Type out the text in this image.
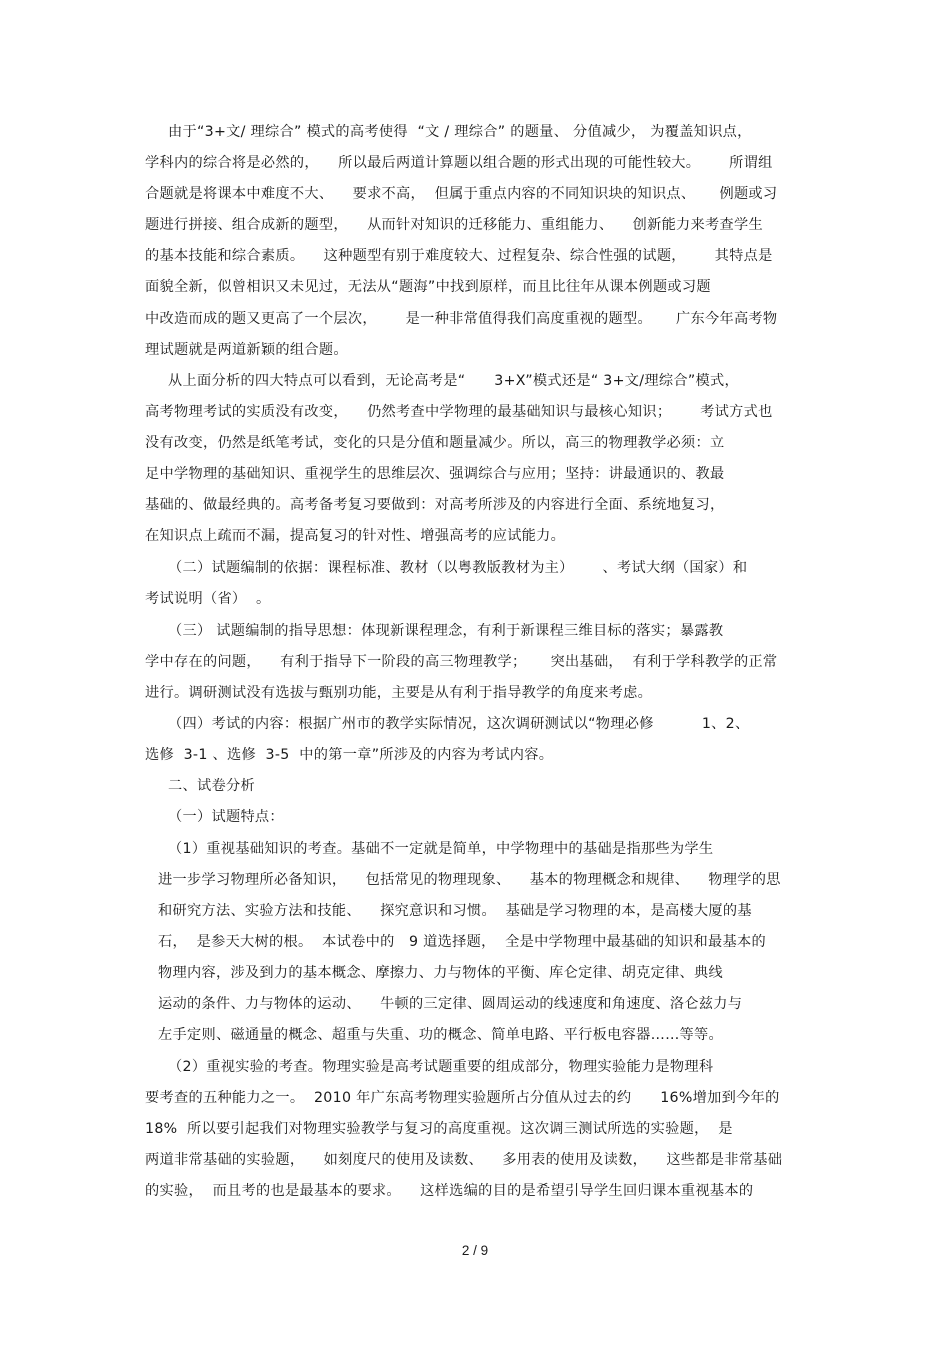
由于“3+文/ 理综合” 模式的高考使得  “文 / 理综合” 的题量、 分值减少， 为覆盖知识点，
学科内的综合将是必然的，    所以最后两道计算题以组合题的形式出现的可能性较大。      所谓组
合题就是将课本中难度不大、    要求不高，  但属于重点内容的不同知识块的知识点、     例题或习
题进行拼接、组合成新的题型，    从而针对知识的迁移能力、重组能力、    创新能力来考查学生
的基本技能和综合素质。    这种题型有别于难度较大、过程复杂、综合性强的试题，      其特点是
面貌全新，似曾相识又未见过，无法从“题海”中找到原样，而且比往年从课本例题或习题
中改造而成的题又更高了一个层次，      是一种非常值得我们高度重视的题型。     广东今年高考物
理试题就是两道新颖的组合题。
从上面分析的四大特点可以看到，无论高考是“      3+X”模式还是“ 3+文/理综合”模式，
高考物理考试的实质没有改变，    仍然考查中学物理的最基础知识与最核心知识；      考试方式也
没有改变，仍然是纸笔考试，变化的只是分值和题量减少。所以，高三的物理教学必须：立
足中学物理的基础知识、重视学生的思维层次、强调综合与应用；坚持：讲最通识的、教最
基础的、做最经典的。高考备考复习要做到：对高考所涉及的内容进行全面、系统地复习，
在知识点上疏而不漏，提高复习的针对性、增强高考的应试能力。
（二）试题编制的依据：课程标准、教材（以粤教版教材为主）      、考试大纲（国家）和
考试说明（省）  。
（三） 试题编制的指导思想：体现新课程理念，有利于新课程三维目标的落实；暴露教
学中存在的问题，    有利于指导下一阶段的高三物理教学；     突出基础，  有利于学科教学的正常
进行。调研测试没有选拔与甄别功能，主要是从有利于指导教学的角度来考虑。
（四）考试的内容：根据广州市的教学实际情况，这次调研测试以“物理必修          1、2、
选修  3-1 、选修  3-5  中的第一章”所涉及的内容为考试内容。
二、试卷分析
（一）试题特点：
（1）重视基础知识的考查。基础不一定就是简单，中学物理中的基础是指那些为学生
进一步学习物理所必备知识，    包括常见的物理现象、    基本的物理概念和规律、    物理学的思
和研究方法、实验方法和技能、    探究意识和习惯。  基础是学习物理的本，是高楼大厦的基
石，  是参天大树的根。  本试卷中的   9 道选择题，  全是中学物理中最基础的知识和最基本的
物理内容，涉及到力的基本概念、摩擦力、力与物体的平衡、库仑定律、胡克定律、典线
运动的条件、力与物体的运动、    牛顿的三定律、圆周运动的线速度和角速度、洛仑兹力与
左手定则、磁通量的概念、超重与失重、功的概念、简单电路、平行板电容器……等等。
（2）重视实验的考查。物理实验是高考试题重要的组成部分，物理实验能力是物理科
要考查的五种能力之一。  2010 年广东高考物理实验题所占分值从过去的约      16%增加到今年的
18%  所以要引起我们对物理实验教学与复习的高度重视。这次调三测试所选的实验题，  是
两道非常基础的实验题，    如刻度尺的使用及读数、    多用表的使用及读数，    这些都是非常基础
的实验，  而且考的也是最基本的要求。    这样选编的目的是希望引导学生回归课本重视基本的
2 / 9
